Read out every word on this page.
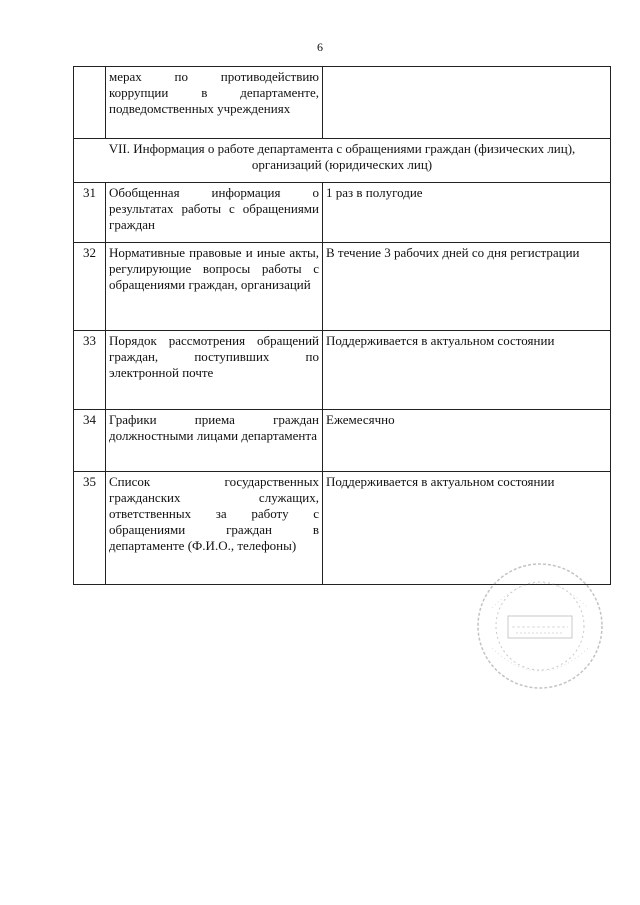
6
	мерах по противодействию коррупции в департаменте, подведомственных учреждениях	
VII. Информация о работе департамента с обращениями граждан (физических лиц), организаций (юридических лиц)		
31	Обобщенная информация о результатах работы с обращениями граждан	1 раз в полугодие
32	Нормативные правовые и иные акты, регулирующие вопросы работы с обращениями граждан, организаций	В течение 3 рабочих дней со дня регистрации
33	Порядок рассмотрения обращений граждан, поступивших по электронной почте	Поддерживается в актуальном состоянии
34	Графики приема граждан должностными лицами департамента	Ежемесячно
35	Список государственных гражданских служащих, ответственных за работу с обращениями граждан в департаменте (Ф.И.О., телефоны)	Поддерживается в актуальном состоянии
